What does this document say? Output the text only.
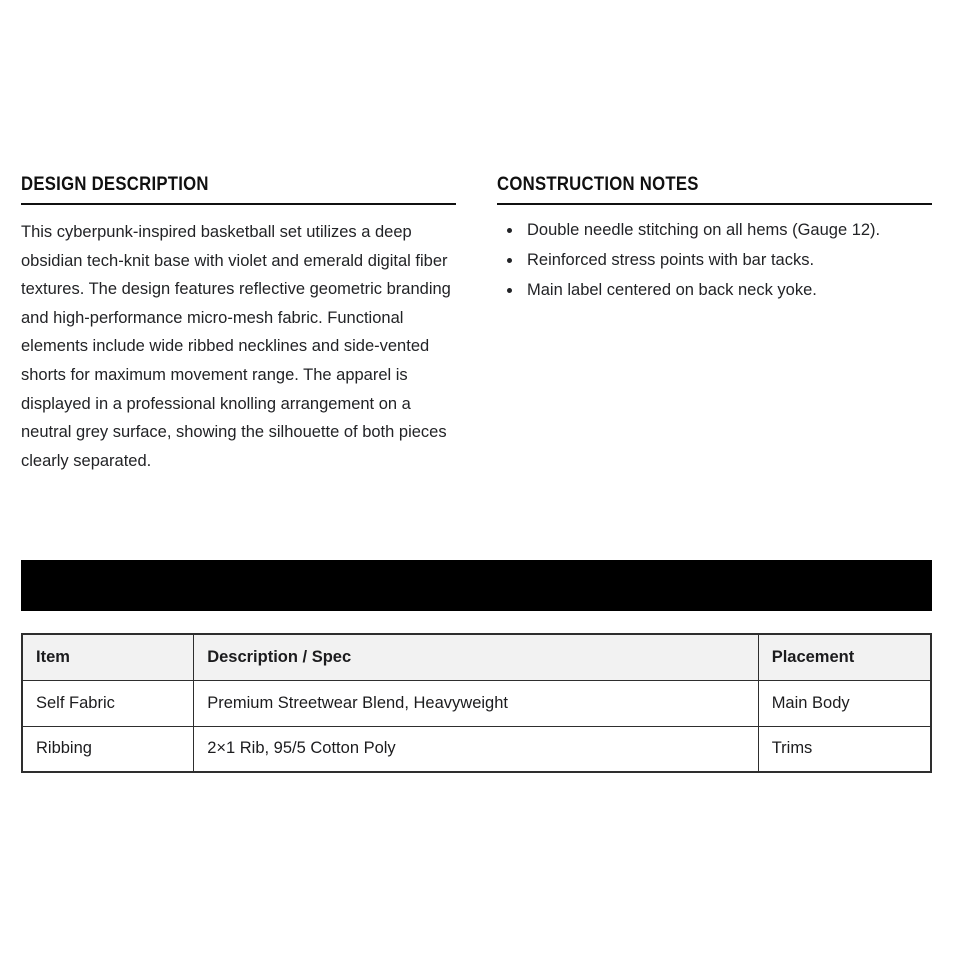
DESIGN DESCRIPTION

This cyberpunk-inspired basketball set utilizes a deep obsidian tech-knit base with violet and emerald digital fiber textures. The design features reflective geometric branding and high-performance micro-mesh fabric. Functional elements include wide ribbed necklines and side-vented shorts for maximum movement range. The apparel is displayed in a professional knolling arrangement on a neutral grey surface, showing the silhouette of both pieces clearly separated.

CONSTRUCTION NOTES
• Double needle stitching on all hems (Gauge 12).
• Reinforced stress points with bar tacks.
• Main label centered on back neck yoke.
Item	Description / Spec	Placement
Self Fabric	Premium Streetwear Blend, Heavyweight	Main Body
Ribbing	2×1 Rib, 95/5 Cotton Poly	Trims
